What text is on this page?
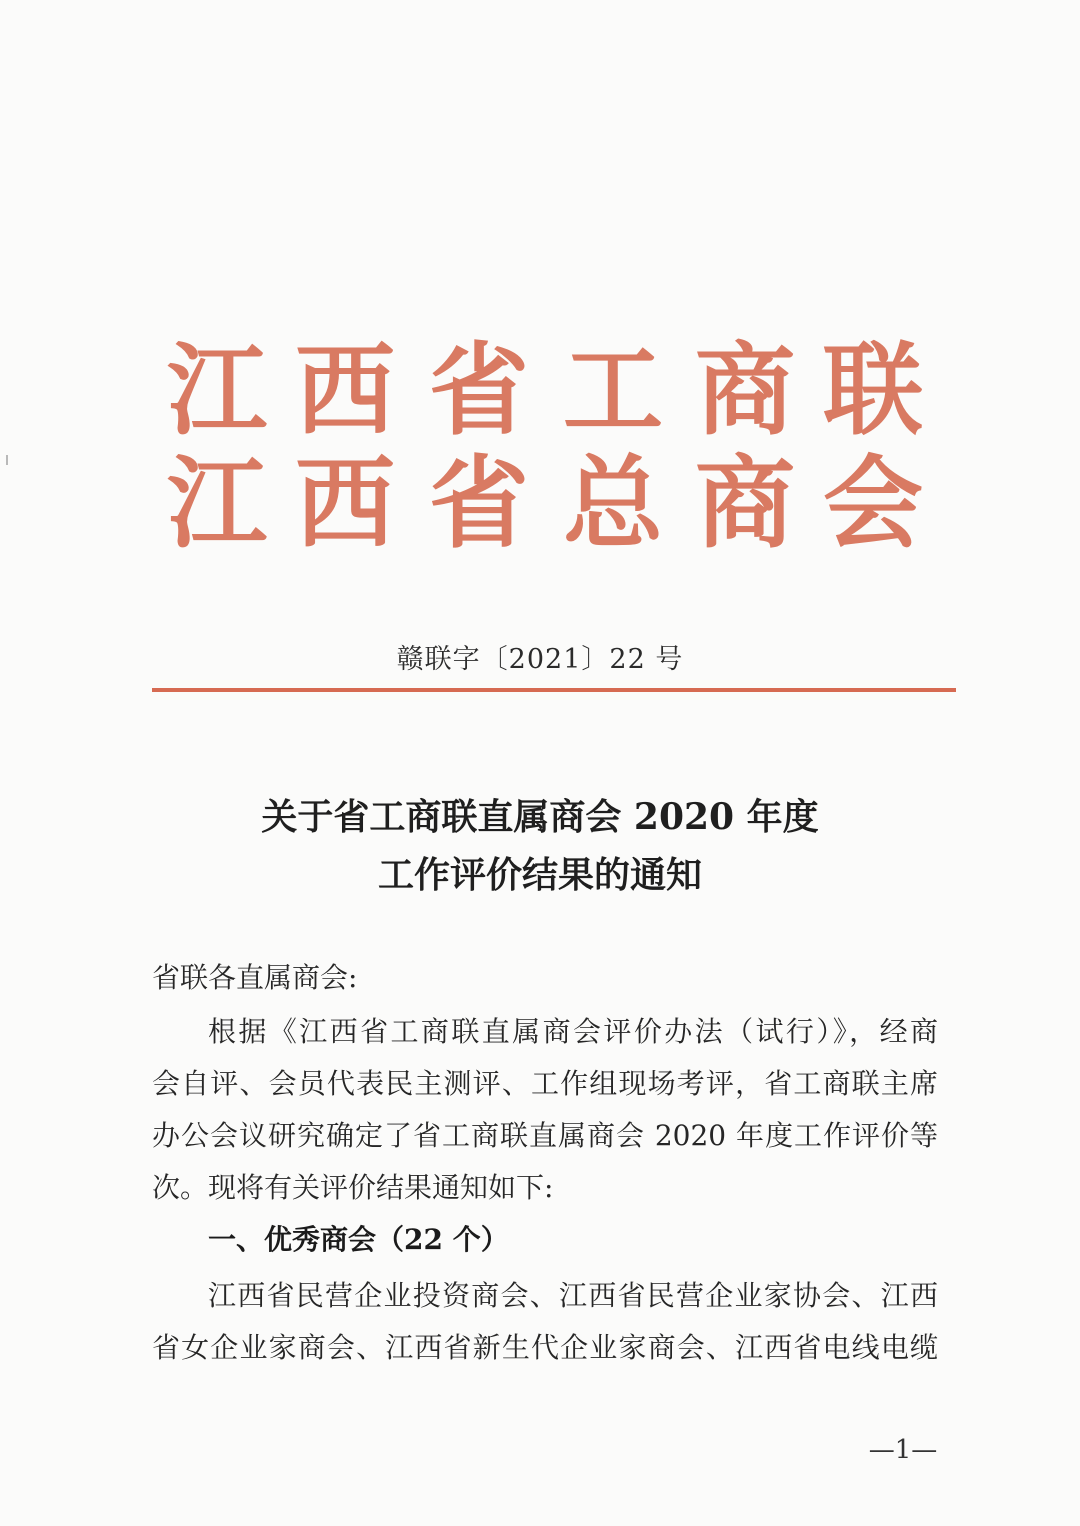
江 西 省 工 商 联
江 西 省 总 商 会
赣联字〔2021〕22 号
关于省工商联直属商会 2020 年度
工作评价结果的通知
省联各直属商会:
根据《江西省工商联直属商会评价办法（试行）》，经商
会自评、会员代表民主测评、工作组现场考评，省工商联主席
办公会议研究确定了省工商联直属商会 2020 年度工作评价等
次。现将有关评价结果通知如下:
一、优秀商会（22 个）
江西省民营企业投资商会、江西省民营企业家协会、江西
省女企业家商会、江西省新生代企业家商会、江西省电线电缆
—1—
